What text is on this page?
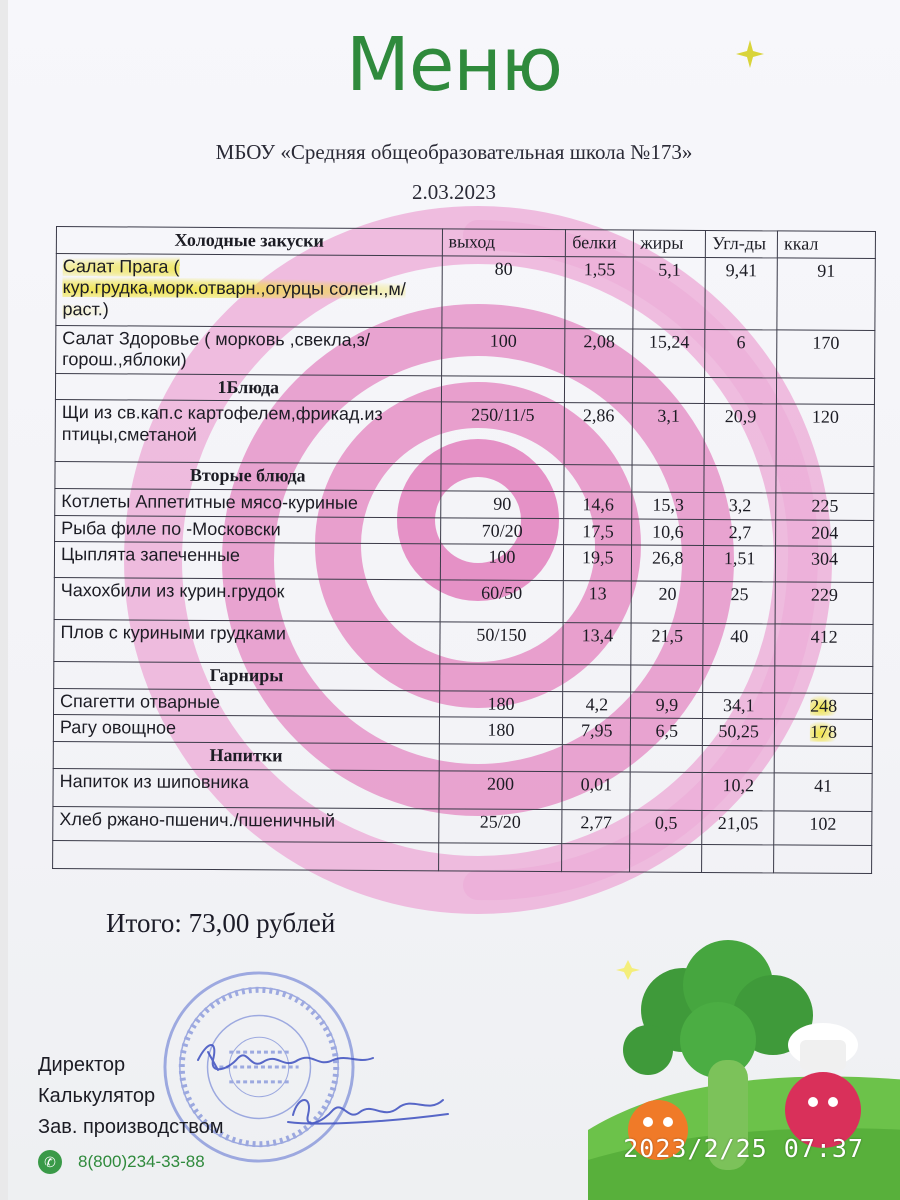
Меню
МБОУ «Средняя общеобразовательная школа №173»
2.03.2023
Холодные закуски	выход	белки	жиры	Угл-ды	ккал
Салат Прага ( кур.грудка,морк.отварн.,огурцы солен.,м/раст.)	80	1,55	5,1	9,41	91
Салат Здоровье ( морковь ,свекла,з/горош.,яблоки)	100	2,08	15,24	6	170
1Блюда					
Щи из св.кап.с картофелем,фрикад.из птицы,сметаной	250/11/5	2,86	3,1	20,9	120
Вторые блюда					
Котлеты Аппетитные мясо-куриные	90	14,6	15,3	3,2	225
Рыба филе по -Московски	70/20	17,5	10,6	2,7	204
Цыплята запеченные	100	19,5	26,8	1,51	304
Чахохбили из курин.грудок	60/50	13	20	25	229
Плов с куриными грудками	50/150	13,4	21,5	40	412
Гарниры					
Спагетти отварные	180	4,2	9,9	34,1	248
Рагу овощное	180	7,95	6,5	50,25	178
Напитки					
Напиток из шиповника	200	0,01		10,2	41
Хлеб ржано-пшенич./пшеничный	25/20	2,77	0,5	21,05	102

Итого: 73,00 рублей
Директор
Калькулятор
Зав. производством
✆	8(800)234-33-88	2023/2/25 07:37
